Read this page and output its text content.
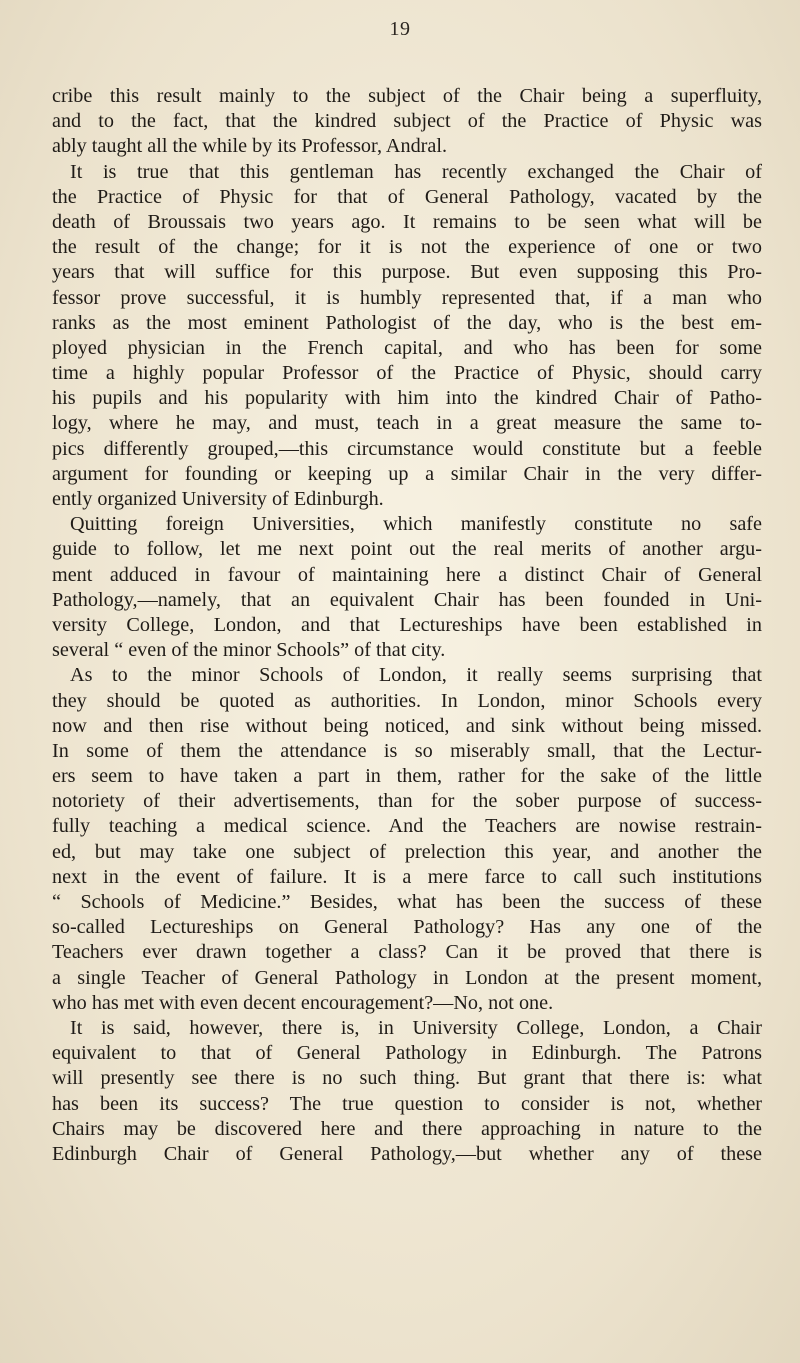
19
cribe this result mainly to the subject of the Chair being a superfluity,
and to the fact, that the kindred subject of the Practice of Physic was
ably taught all the while by its Professor, Andral.
It is true that this gentleman has recently exchanged the Chair of
the Practice of Physic for that of General Pathology, vacated by the
death of Broussais two years ago. It remains to be seen what will be
the result of the change; for it is not the experience of one or two
years that will suffice for this purpose. But even supposing this Pro-
fessor prove successful, it is humbly represented that, if a man who
ranks as the most eminent Pathologist of the day, who is the best em-
ployed physician in the French capital, and who has been for some
time a highly popular Professor of the Practice of Physic, should carry
his pupils and his popularity with him into the kindred Chair of Patho-
logy, where he may, and must, teach in a great measure the same to-
pics differently grouped,—this circumstance would constitute but a feeble
argument for founding or keeping up a similar Chair in the very differ-
ently organized University of Edinburgh.
Quitting foreign Universities, which manifestly constitute no safe
guide to follow, let me next point out the real merits of another argu-
ment adduced in favour of maintaining here a distinct Chair of General
Pathology,—namely, that an equivalent Chair has been founded in Uni-
versity College, London, and that Lectureships have been established in
several “ even of the minor Schools” of that city.
As to the minor Schools of London, it really seems surprising that
they should be quoted as authorities. In London, minor Schools every
now and then rise without being noticed, and sink without being missed.
In some of them the attendance is so miserably small, that the Lectur-
ers seem to have taken a part in them, rather for the sake of the little
notoriety of their advertisements, than for the sober purpose of success-
fully teaching a medical science. And the Teachers are nowise restrain-
ed, but may take one subject of prelection this year, and another the
next in the event of failure. It is a mere farce to call such institutions
“ Schools of Medicine.” Besides, what has been the success of these
so-called Lectureships on General Pathology? Has any one of the
Teachers ever drawn together a class? Can it be proved that there is
a single Teacher of General Pathology in London at the present moment,
who has met with even decent encouragement?—No, not one.
It is said, however, there is, in University College, London, a Chair
equivalent to that of General Pathology in Edinburgh. The Patrons
will presently see there is no such thing. But grant that there is: what
has been its success? The true question to consider is not, whether
Chairs may be discovered here and there approaching in nature to the
Edinburgh Chair of General Pathology,—but whether any of these
